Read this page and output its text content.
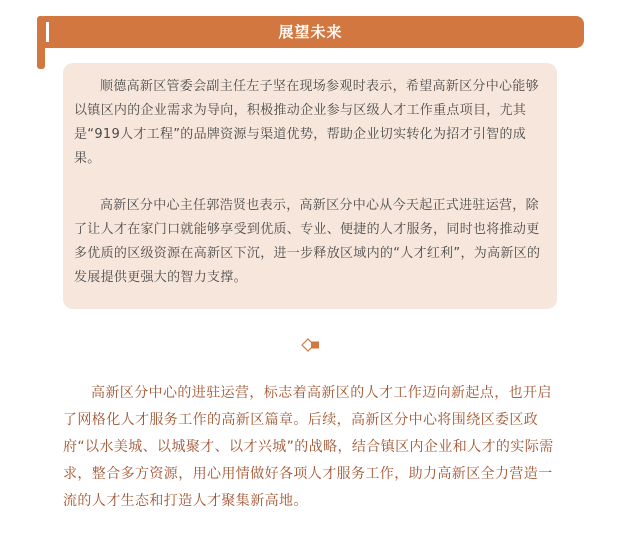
展望未来

顺德高新区管委会副主任左子坚在现场参观时表示，希望高新区分中心能够以镇区内的企业需求为导向，积极推动企业参与区级人才工作重点项目，尤其是“919人才工程”的品牌资源与渠道优势，帮助企业切实转化为招才引智的成果。

高新区分中心主任郭浩贤也表示，高新区分中心从今天起正式进驻运营，除了让人才在家门口就能够享受到优质、专业、便捷的人才服务，同时也将推动更多优质的区级资源在高新区下沉，进一步释放区域内的“人才红利”，为高新区的发展提供更强大的智力支撑。

高新区分中心的进驻运营，标志着高新区的人才工作迈向新起点，也开启了网格化人才服务工作的高新区篇章。后续，高新区分中心将围绕区委区政府“以水美城、以城聚才、以才兴城”的战略，结合镇区内企业和人才的实际需求，整合多方资源，用心用情做好各项人才服务工作，助力高新区全力营造一流的人才生态和打造人才聚集新高地。
